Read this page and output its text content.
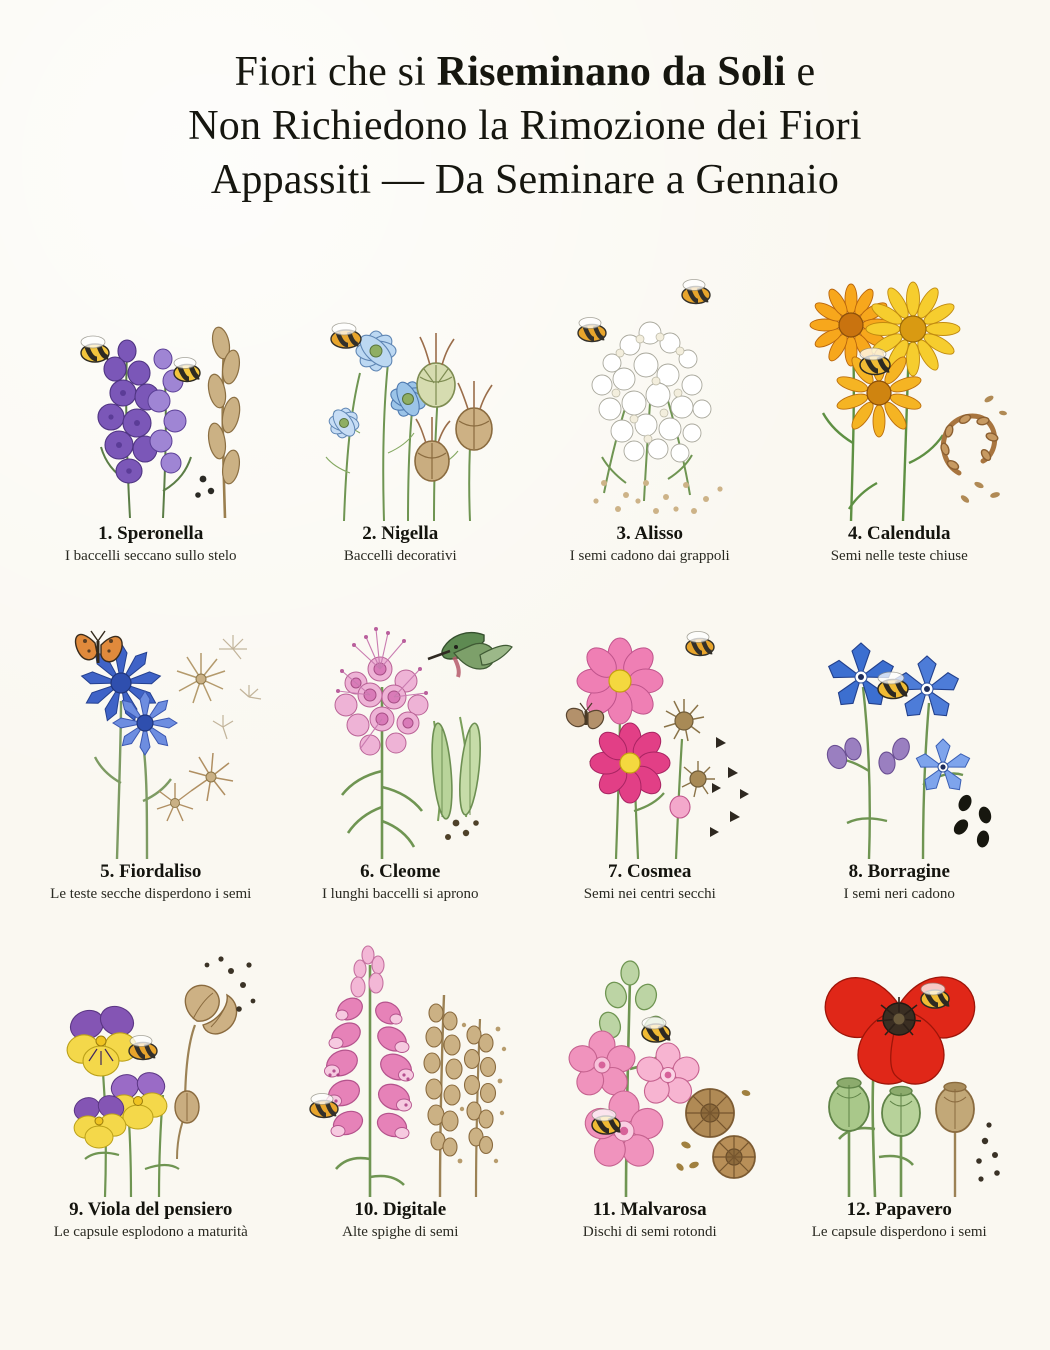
Fiori che si Riseminano da Soli e
Non Richiedono la Rimozione dei Fiori
Appassiti — Da Seminare a Gennaio
1. Speronella
I baccelli seccano sullo stelo
2. Nigella
Baccelli decorativi
3. Alisso
I semi cadono dai grappoli
4. Calendula
Semi nelle teste chiuse
5. Fiordaliso
Le teste secche disperdono i semi
6. Cleome
I lunghi baccelli si aprono
7. Cosmea
Semi nei centri secchi
8. Borragine
I semi neri cadono
9. Viola del pensiero
Le capsule esplodono a maturità
10. Digitale
Alte spighe di semi
11. Malvarosa
Dischi di semi rotondi
12. Papavero
Le capsule disperdono i semi
